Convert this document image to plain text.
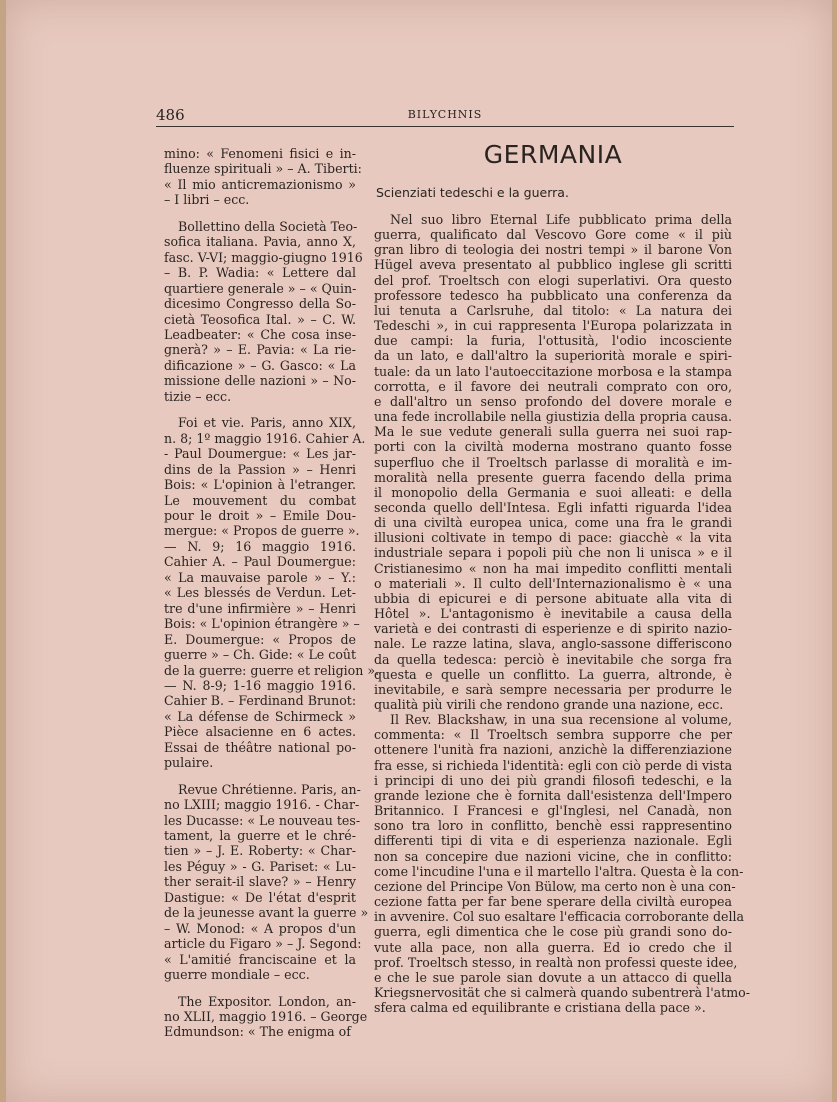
486	BILYCHNIS

mino: « Fenomeni fisici e in-
fluenze spirituali » – A. Tiberti:
« Il mio anticremazionismo »
– I libri – ecc.

Bollettino della Società Teo-
sofica italiana. Pavia, anno X,
fasc. V-VI; maggio-giugno 1916
– B. P. Wadia: « Lettere dal
quartiere generale » – « Quin-
dicesimo Congresso della So-
cietà Teosofica Ital. » – C. W.
Leadbeater: « Che cosa inse-
gnerà? » – E. Pavia: « La rie-
dificazione » – G. Gasco: « La
missione delle nazioni » – No-
tizie – ecc.

Foi et vie. Paris, anno XIX,
n. 8; 1º maggio 1916. Cahier A.
- Paul Doumergue: « Les jar-
dins de la Passion » – Henri
Bois: « L'opinion à l'etranger.
Le mouvement du combat
pour le droit » – Emile Dou-
mergue: « Propos de guerre ».
— N. 9; 16 maggio 1916.
Cahier A. – Paul Doumergue:
« La mauvaise parole » – Y.:
« Les blessés de Verdun. Let-
tre d'une infirmière » – Henri
Bois: « L'opinion étrangère » –
E. Doumergue: « Propos de
guerre » – Ch. Gide: « Le coût
de la guerre: guerre et religion ».
— N. 8-9; 1-16 maggio 1916.
Cahier B. – Ferdinand Brunot:
« La défense de Schirmeck »
Pièce alsacienne en 6 actes.
Essai de théâtre national po-
pulaire.

Revue Chrétienne. Paris, an-
no LXIII; maggio 1916. - Char-
les Ducasse: « Le nouveau tes-
tament, la guerre et le chré-
tien » – J. E. Roberty: « Char-
les Péguy » - G. Pariset: « Lu-
ther serait-il slave? » – Henry
Dastigue: « De l'état d'esprit
de la jeunesse avant la guerre »
– W. Monod: « A propos d'un
article du Figaro » – J. Segond:
« L'amitié franciscaine et la
guerre mondiale – ecc.

The Expositor. London, an-
no XLII, maggio 1916. – George
Edmundson: « The enigma of

GERMANIA
Scienziati tedeschi e la guerra.
Nel suo libro Eternal Life pubblicato prima della
guerra, qualificato dal Vescovo Gore come « il più
gran libro di teologia dei nostri tempi » il barone Von
Hügel aveva presentato al pubblico inglese gli scritti
del prof. Troeltsch con elogi superlativi. Ora questo
professore tedesco ha pubblicato una conferenza da
lui tenuta a Carlsruhe, dal titolo: « La natura dei
Tedeschi », in cui rappresenta l'Europa polarizzata in
due campi: la furia, l'ottusità, l'odio incosciente
da un lato, e dall'altro la superiorità morale e spiri-
tuale: da un lato l'autoeccitazione morbosa e la stampa
corrotta, e il favore dei neutrali comprato con oro,
e dall'altro un senso profondo del dovere morale e
una fede incrollabile nella giustizia della propria causa.
Ma le sue vedute generali sulla guerra nei suoi rap-
porti con la civiltà moderna mostrano quanto fosse
superfluo che il Troeltsch parlasse di moralità e im-
moralità nella presente guerra facendo della prima
il monopolio della Germania e suoi alleati: e della
seconda quello dell'Intesa. Egli infatti riguarda l'idea
di una civiltà europea unica, come una fra le grandi
illusioni coltivate in tempo di pace: giacchè « la vita
industriale separa i popoli più che non li unisca » e il
Cristianesimo « non ha mai impedito conflitti mentali
o materiali ». Il culto dell'Internazionalismo è « una
ubbia di epicurei e di persone abituate alla vita di
Hôtel ». L'antagonismo è inevitabile a causa della
varietà e dei contrasti di esperienze e di spirito nazio-
nale. Le razze latina, slava, anglo-sassone differiscono
da quella tedesca: perciò è inevitabile che sorga fra
questa e quelle un conflitto. La guerra, altronde, è
inevitabile, e sarà sempre necessaria per produrre le
qualità più virili che rendono grande una nazione, ecc.
Il Rev. Blackshaw, in una sua recensione al volume,
commenta: « Il Troeltsch sembra supporre che per
ottenere l'unità fra nazioni, anzichè la differenziazione
fra esse, si richieda l'identità: egli con ciò perde di vista
i principi di uno dei più grandi filosofi tedeschi, e la
grande lezione che è fornita dall'esistenza dell'Impero
Britannico. I Francesi e gl'Inglesi, nel Canadà, non
sono tra loro in conflitto, benchè essi rappresentino
differenti tipi di vita e di esperienza nazionale. Egli
non sa concepire due nazioni vicine, che in conflitto:
come l'incudine l'una e il martello l'altra. Questa è la con-
cezione del Principe Von Bülow, ma certo non è una con-
cezione fatta per far bene sperare della civiltà europea
in avvenire. Col suo esaltare l'efficacia corroborante della
guerra, egli dimentica che le cose più grandi sono do-
vute alla pace, non alla guerra. Ed io credo che il
prof. Troeltsch stesso, in realtà non professi queste idee,
e che le sue parole sian dovute a un attacco di quella
Kriegsnervosität che si calmerà quando subentrerà l'atmo-
sfera calma ed equilibrante e cristiana della pace ».
